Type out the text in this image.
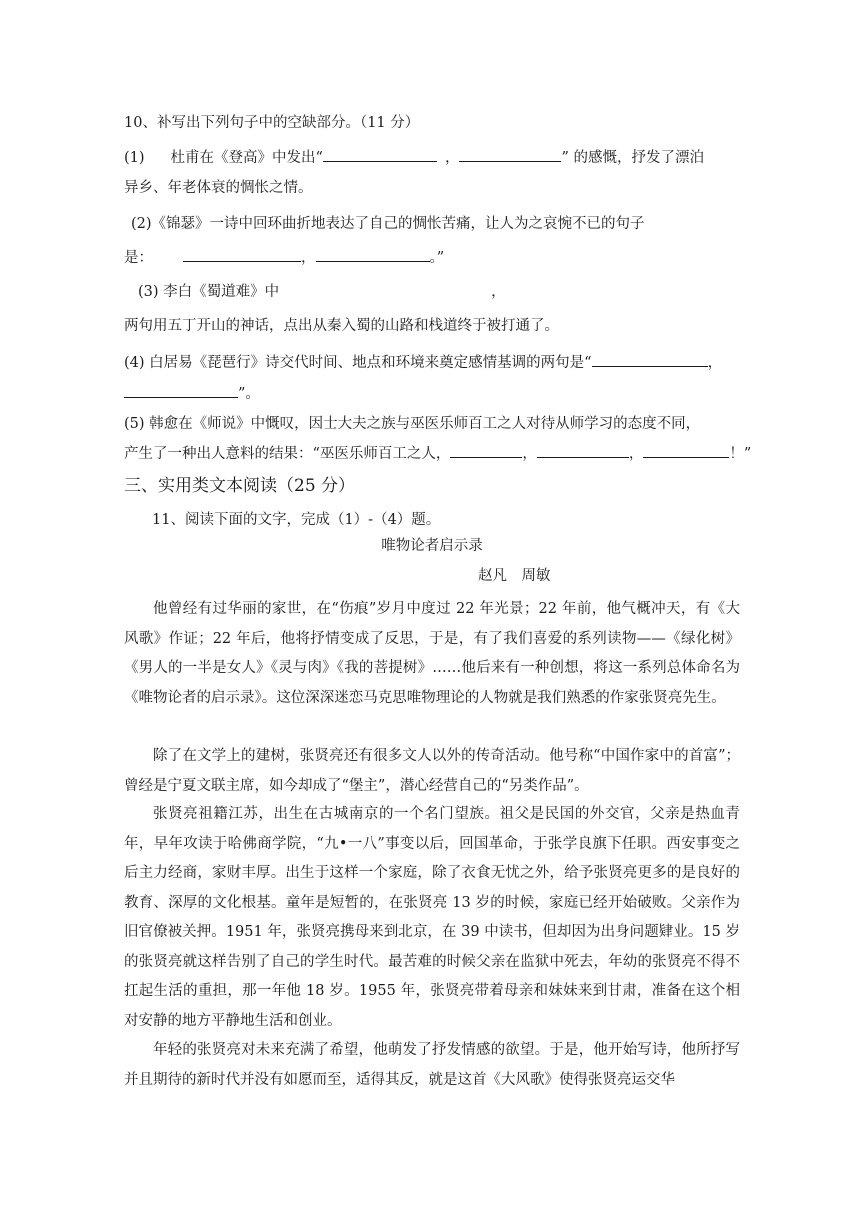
10、补写出下列句子中的空缺部分。（11 分）
(1) 杜甫在《登高》中发出“	，	” 的感慨，抒发了漂泊
异乡、年老体衰的惆怅之情。
(2)《锦瑟》一诗中回环曲折地表达了自己的惆怅苦痛，让人为之哀惋不已的句子
是：	，	。”
(3) 李白《蜀道难》中	，
两句用五丁开山的神话，点出从秦入蜀的山路和栈道终于被打通了。
(4) 白居易《琵琶行》诗交代时间、地点和环境来奠定感情基调的两句是“	，
”。
(5) 韩愈在《师说》中慨叹，因士大夫之族与巫医乐师百工之人对待从师学习的态度不同，
产生了一种出人意料的结果：“巫医乐师百工之人，	，	，	！”
三、实用类文本阅读（25 分）
11、阅读下面的文字，完成（1）-（4）题。
唯物论者启示录
赵凡　周敏
他曾经有过华丽的家世，在“伤痕”岁月中度过 22 年光景；22 年前，他气概冲天，有《大风歌》作证；22 年后，他将抒情变成了反思，于是，有了我们喜爱的系列读物——《绿化树》《男人的一半是女人》《灵与肉》《我的菩提树》……他后来有一种创想，将这一系列总体命名为《唯物论者的启示录》。这位深深迷恋马克思唯物理论的人物就是我们熟悉的作家张贤亮先生。
除了在文学上的建树，张贤亮还有很多文人以外的传奇活动。他号称“中国作家中的首富”；曾经是宁夏文联主席，如今却成了“堡主”，潜心经营自己的“另类作品”。
张贤亮祖籍江苏，出生在古城南京的一个名门望族。祖父是民国的外交官，父亲是热血青年，早年攻读于哈佛商学院，“九•一八”事变以后，回国革命，于张学良旗下任职。西安事变之后主力经商，家财丰厚。出生于这样一个家庭，除了衣食无忧之外，给予张贤亮更多的是良好的教育、深厚的文化根基。童年是短暂的，在张贤亮 13 岁的时候，家庭已经开始破败。父亲作为旧官僚被关押。1951 年，张贤亮携母来到北京，在 39 中读书，但却因为出身问题肄业。15 岁的张贤亮就这样告别了自己的学生时代。最苦难的时候父亲在监狱中死去，年幼的张贤亮不得不扛起生活的重担，那一年他 18 岁。1955 年，张贤亮带着母亲和妹妹来到甘肃，准备在这个相对安静的地方平静地生活和创业。
年轻的张贤亮对未来充满了希望，他萌发了抒发情感的欲望。于是，他开始写诗，他所抒写并且期待的新时代并没有如愿而至，适得其反，就是这首《大风歌》使得张贤亮运交华
